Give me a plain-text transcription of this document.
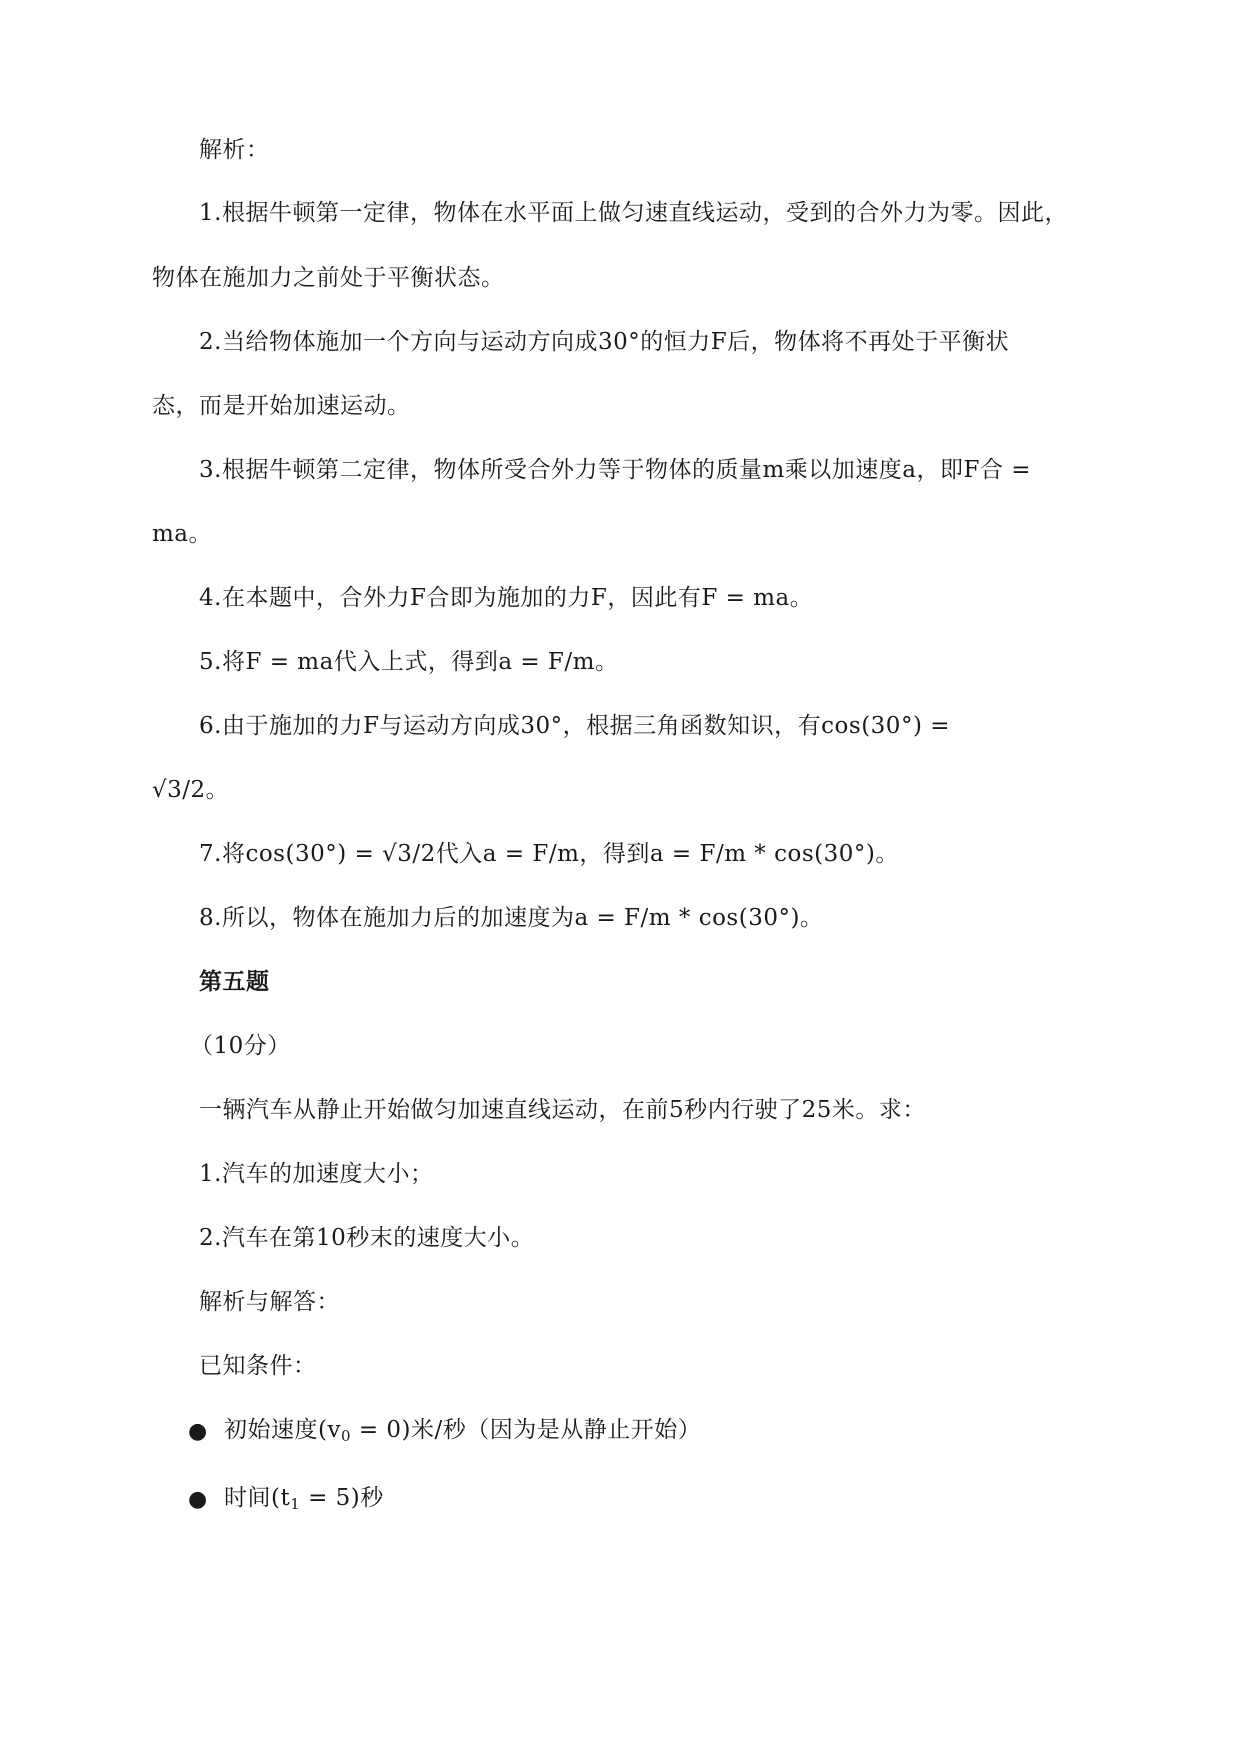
解析：
1.根据牛顿第一定律，物体在水平面上做匀速直线运动，受到的合外力为零。因此，
物体在施加力之前处于平衡状态。
2.当给物体施加一个方向与运动方向成30°的恒力F后，物体将不再处于平衡状
态，而是开始加速运动。
3.根据牛顿第二定律，物体所受合外力等于物体的质量m乘以加速度a，即F合 =
ma。
4.在本题中，合外力F合即为施加的力F，因此有F = ma。
5.将F = ma代入上式，得到a = F/m。
6.由于施加的力F与运动方向成30°，根据三角函数知识，有cos(30°) =
√3/2。
7.将cos(30°) = √3/2代入a = F/m，得到a = F/m * cos(30°)。
8.所以，物体在施加力后的加速度为a = F/m * cos(30°)。
第五题
（10分）
一辆汽车从静止开始做匀加速直线运动，在前5秒内行驶了25米。求：
1.汽车的加速度大小；
2.汽车在第10秒末的速度大小。
解析与解答：
已知条件：
● 初始速度$(v_0 = 0)$米/秒（因为是从静止开始）
● 时间$(t_1 = 5)$秒
